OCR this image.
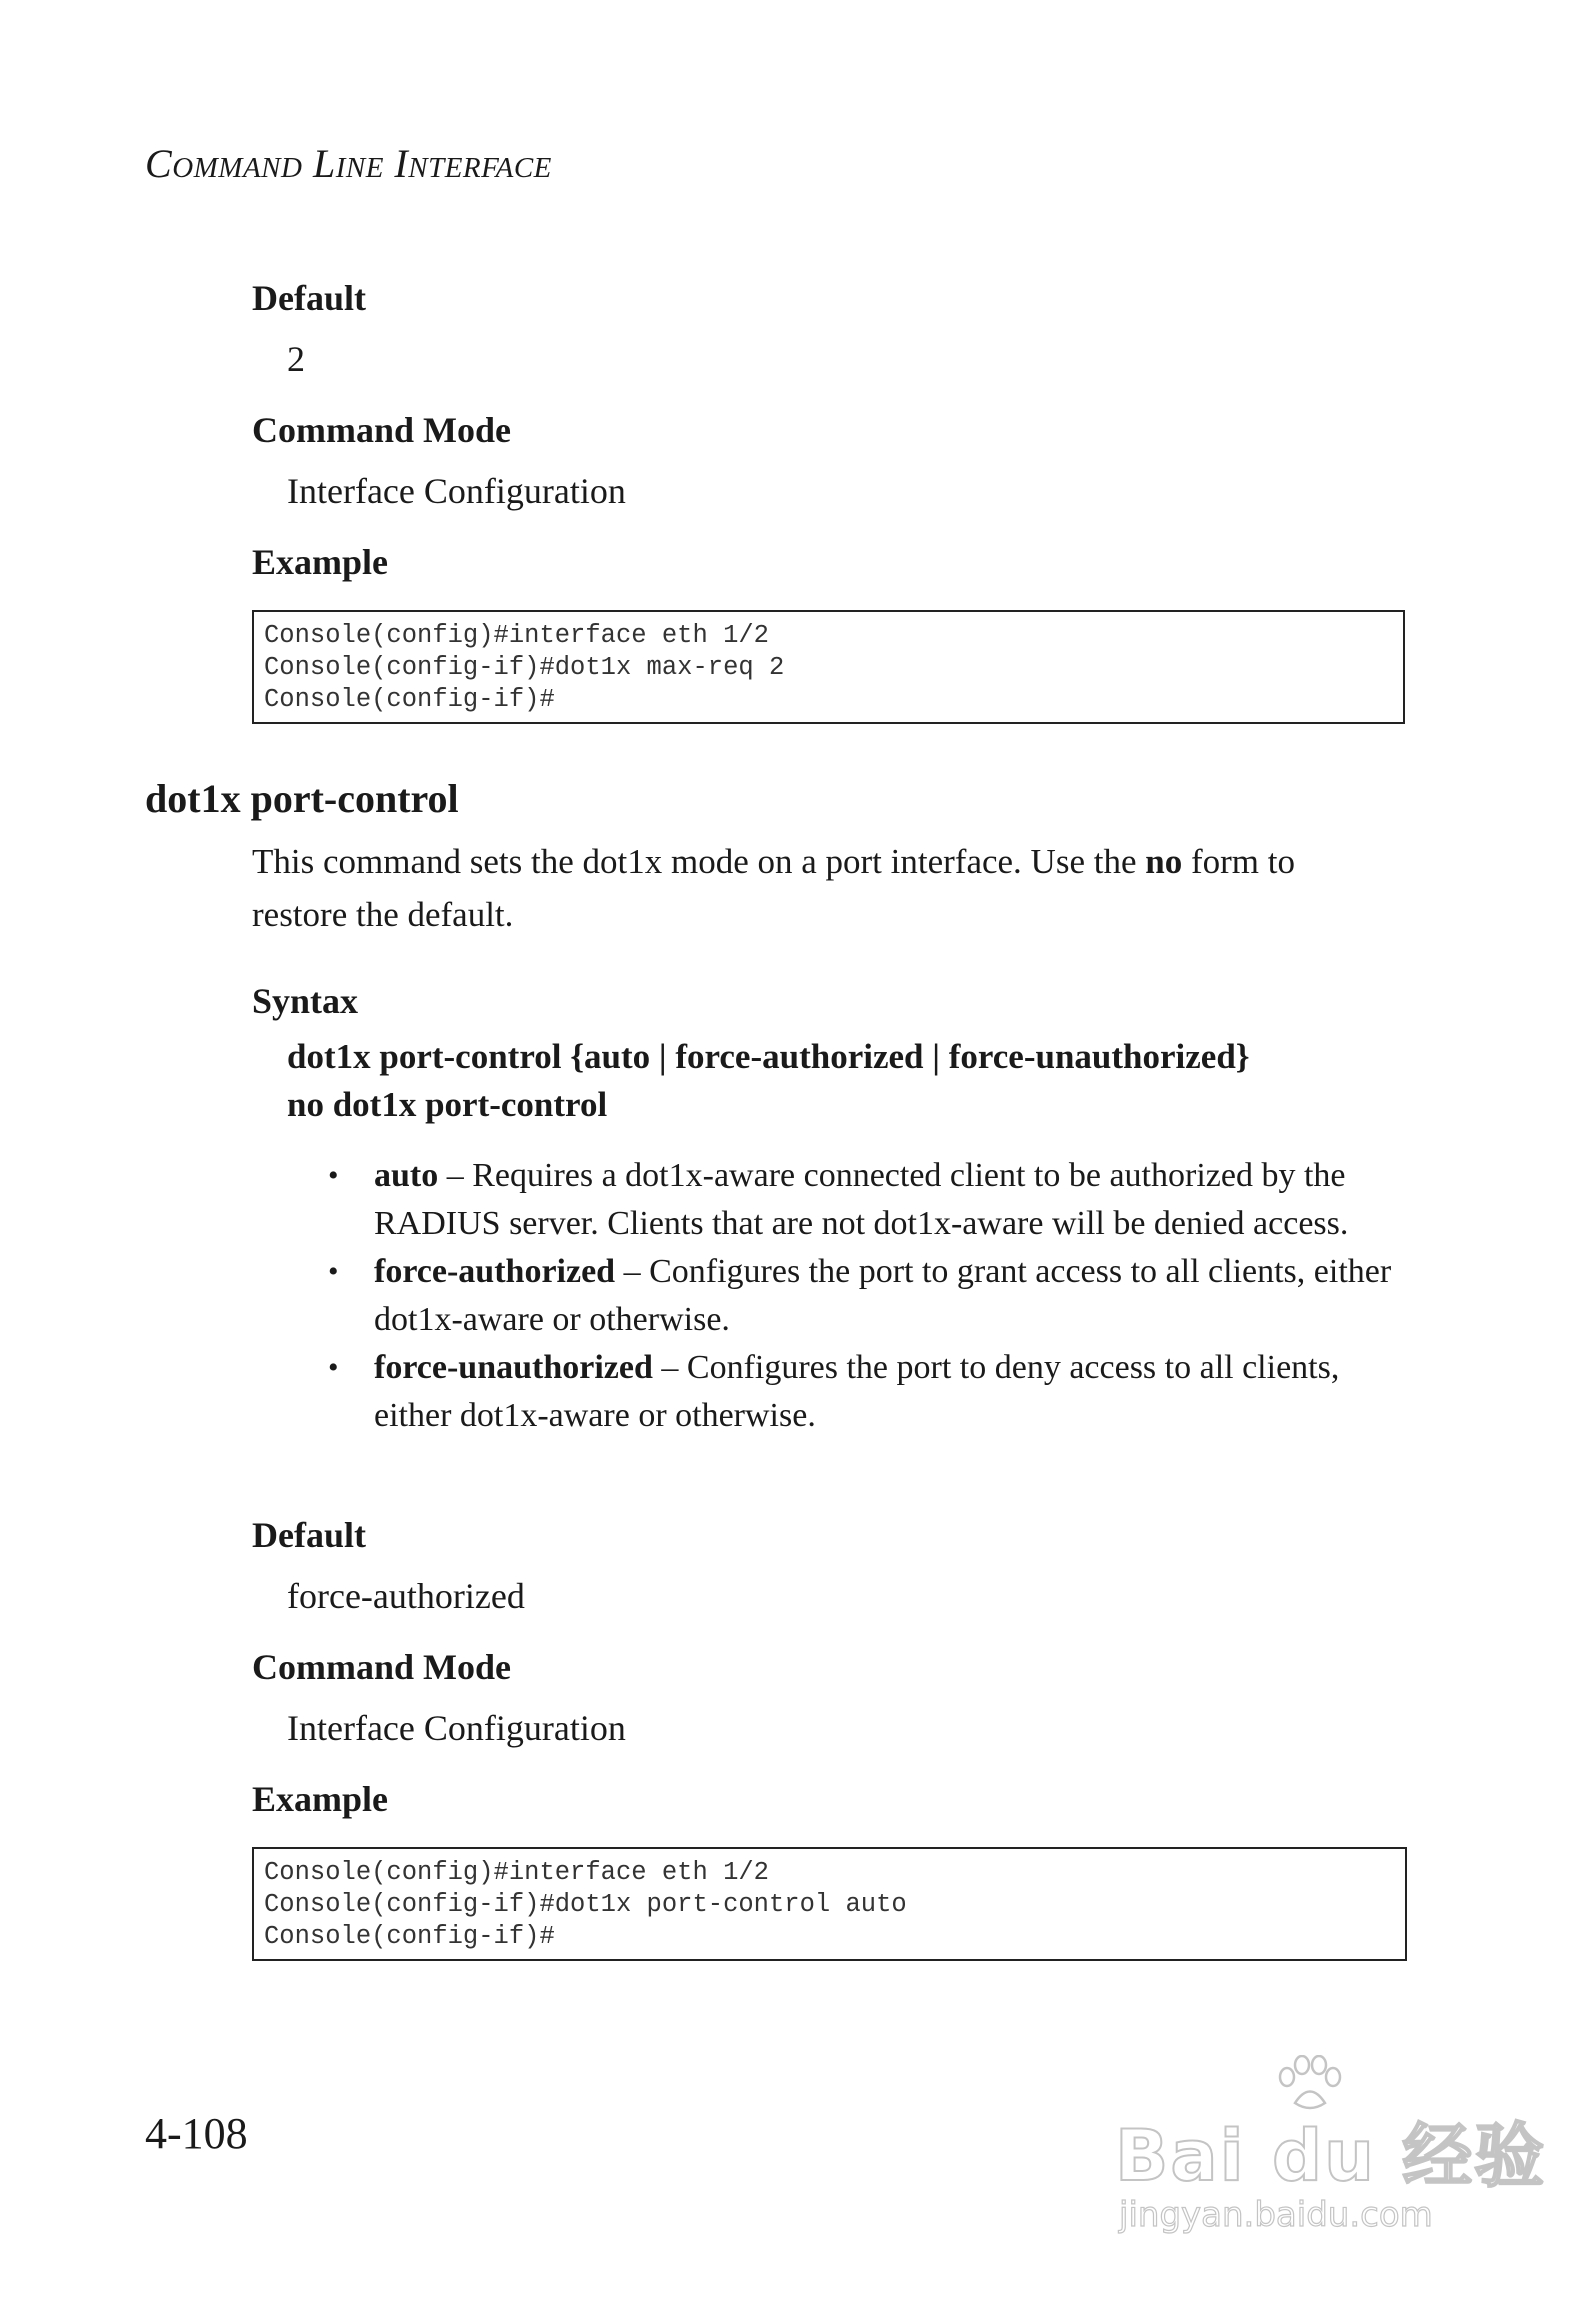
COMMAND LINE INTERFACE
Default
2
Command Mode
Interface Configuration
Example
Console(config)#interface eth 1/2
Console(config-if)#dot1x max-req 2
Console(config-if)#
dot1x port-control
This command sets the dot1x mode on a port interface. Use the no form to restore the default.
Syntax
dot1x port-control {auto | force-authorized | force-unauthorized}
no dot1x port-control
• auto – Requires a dot1x-aware connected client to be authorized by the RADIUS server. Clients that are not dot1x-aware will be denied access.
• force-authorized – Configures the port to grant access to all clients, either   dot1x-aware or otherwise.
• force-unauthorized – Configures the port to deny access to all clients, either dot1x-aware or otherwise.
Default
force-authorized
Command Mode
Interface Configuration
Example
Console(config)#interface eth 1/2
Console(config-if)#dot1x port-control auto
Console(config-if)#
4-108	Bai du 经验
jingyan.baidu.com
